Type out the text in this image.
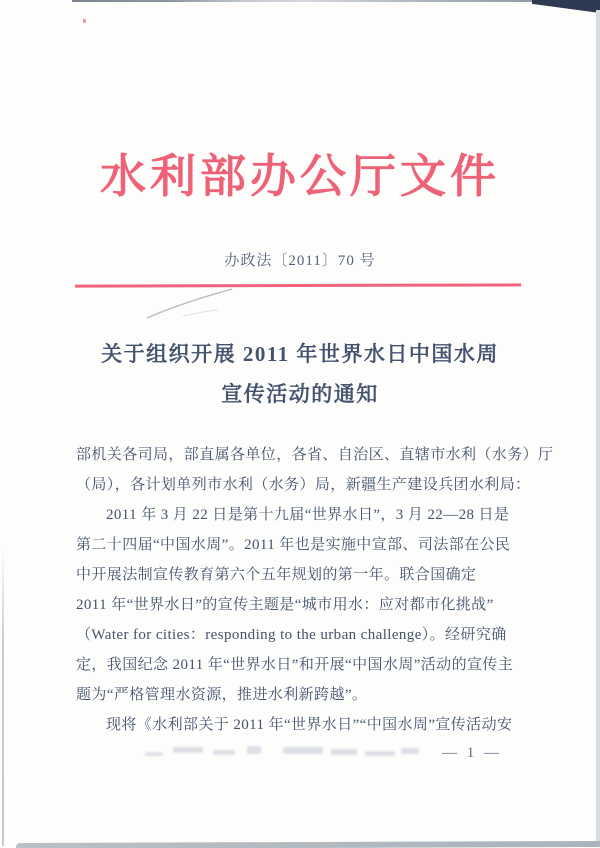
水利部办公厅文件
办政法〔2011〕70 号
关于组织开展 2011 年世界水日中国水周
宣传活动的通知
部机关各司局，部直属各单位，各省、自治区、直辖市水利（水务）厅
（局），各计划单列市水利（水务）局，新疆生产建设兵团水利局：
2011 年 3 月 22 日是第十九届“世界水日”，3 月 22—28 日是
第二十四届“中国水周”。2011 年也是实施中宣部、司法部在公民
中开展法制宣传教育第六个五年规划的第一年。联合国确定
2011 年“世界水日”的宣传主题是“城市用水：应对都市化挑战”
（Water for cities：responding to the urban challenge）。经研究确
定，我国纪念 2011 年“世界水日”和开展“中国水周”活动的宣传主
题为“严格管理水资源，推进水利新跨越”。
现将《水利部关于 2011 年“世界水日”“中国水周”宣传活动安
— 1 —
